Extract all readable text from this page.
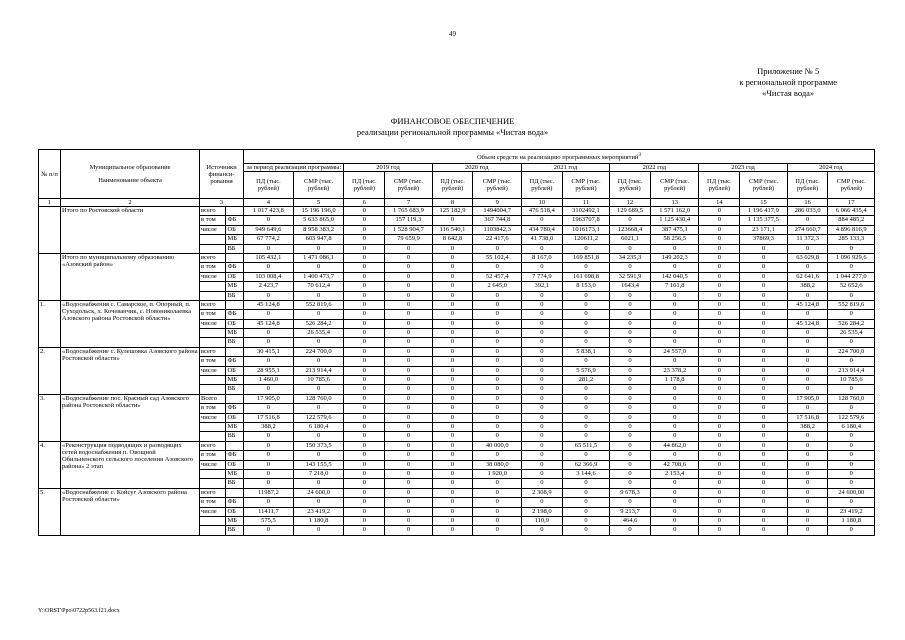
49
Приложение № 5
к региональной программе
«Чистая вода»
ФИНАНСОВОЕ ОБЕСПЕЧЕНИЕ
реализации региональной программы «Чистая вода»
№ п/п	Муниципальное образование
Наименование объекта	Источники финанси-рования		Объем средств на реализацию программных мероприятий$^3$
				за период реализации программы:		2019 год		2020 год		2021 год		2022 год		2023 год		2024 год	
				ПД (тыс. рублей)	СМР (тыс. рублей)	ПД (тыс. рублей)	СМР (тыс. рублей)	ПД (тыс. рублей)	СМР (тыс. рублей)	ПД (тыс. рублей)	СМР (тыс. рублей)	ПД (тыс. рублей)	СМР (тыс. рублей)	ПД (тыс. рублей)	СМР (тыс. рублей)	ПД (тыс. рублей)	СМР (тыс. рублей)
1	2	3		4	5	6	7	8	9	10	11	12	13	14	15	16	17
	Итого по Ростовской области	всего		1 017 423,8	15 196 196,0	0	1 765 683,9	125 182,9	1494004,7	476 518,4	3102492,1	129 689,5	1 571 162,0	0	1 196 417,9	286 033,0	6 066 435,4
		в том	ФБ	0	5 633 865,0	0	157 119,3	0	367 744,8	0	1963707,8	0	1 125 430,4	0	1 135 377,5	0	884 485,2
		числе	ОБ	949 649,6	8 958 383,2	0	1 528 904,7	116 540,1	1103842,3	434 780,4	1016173,1	123668,4	387 475,1	0	23 171,1	274 660,7	4 896 816,9
			МБ	67 774,2	603 947,8	0	79 659,9	8 642,8	22 417,6	41 738,0	120611,2	6021,1	58 256,5	0	37869,3	11 372,3	285 133,3
			ВБ	0	0	0	0	0	0	0	0	0	0	0	0	0	0
	Итого по муниципальному образованию «Азовский район»	всего		105 432,1	1 471 086,1	0	0	0	55 102,4	8 167,0	169 851,8	34 235,3	149 202,3	0	0	63 029,8	1 096 929,6
		в том	ФБ	0	0	0	0	0	0	0	0	0	0	0	0	0	0
		числе	ОБ	103 008,4	1 400 473,7	0	0	0	52 457,4	7 774,9	161 698,8	32 591,9	142 040,5	0	0	62 641,6	1 044 277,0
			МБ	2 423,7	70 612,4	0	0	0	2 645,0	392,1	8 153,0	1643,4	7 161,8	0	0	388,2	52 652,6
			ВБ	0	0	0	0	0	0	0	0	0	0	0	0	0	0
1.	«Водоснабжения с. Самарское, п. Опорный, п. Суходольск, х. Кочеванчик, с. Новониколаевка Азовского района Ростовской области»	всего		45 124,8	552 819,6	0	0	0	0	0	0	0	0	0	0	45 124,8	552 819,6
		в том	ФБ	0	0	0	0	0	0	0	0	0	0	0	0	0	0
		числе	ОБ	45 124,8	526 284,2	0	0	0	0	0	0	0	0	0	0	45 124,8	526 284,2
			МБ	0	26 535,4	0	0	0	0	0	0	0	0	0	0	0	26 535,4
			ВБ	0	0	0	0	0	0	0	0	0	0	0	0	0	0
2.	«Водоснабжение с. Кулешовка Азовского района Ростовской области»	всего		30 415,1	224 700,0	0	0	0	0	0	5 838,1	0	24 557,0	0	0	0	224 700,0
		в том	ФБ	0	0	0	0	0	0	0	0	0	0	0	0	0	0
		числе	ОБ	28 955,1	213 914,4	0	0	0	0	0	5 576,9	0	23 378,2	0	0	0	213 914,4
			МБ	1 460,0	10 785,6	0	0	0	0	0	281,2	0	1 178,8	0	0	0	10 785,6
			ВБ	0	0	0	0	0	0	0	0	0	0	0	0	0	0
3.	«Водоснабжение пос. Красный сад Азовского района Ростовской области»	Всего		17 905,0	128 760,0	0	0	0	0	0	0	0	0	0	0	17 905,0	128 760,0
		в том	ФБ	0	0	0	0	0	0	0	0	0	0	0	0	0	0
		числе	ОБ	17 516,8	122 579,6	0	0	0	0	0	0	0	0	0	0	17 516,8	122 579,6
			МБ	388,2	6 180,4	0	0	0	0	0	0	0	0	0	0	388,2	6 180,4
			ВБ	0	0	0	0	0	0	0	0	0	0	0	0	0	0
4.	«Реконструкция подводящих и разводящих сетей водоснабжения п. Овощной Обильненского сельского поселения Азовского района» 2 этап	всего		0	150 373,5	0	0	0	40 000,0	0	65 511,5	0	44 862,0	0	0	0	0
		в том	ФБ	0	0	0	0	0	0	0	0	0	0	0	0	0	0
		числе	ОБ	0	143 155,5	0	0	0	38 080,0	0	62 366,9	0	42 708,6	0	0	0	0
			МБ	0	7 218,0	0	0	0	1 920,0	0	3 144,6	0	2 153,4	0	0	0	0
			ВБ	0	0	0	0	0	0	0	0	0	0	0	0	0	0
5.	«Водоснабжение с. Койсуг Азовского района Ростовской области»	всего		11987,2	24 600,0	0	0	0	0	2 308,9	0	9 678,3	0	0	0	0	24 600,00
		в том	ФБ	0	0	0	0	0	0	0	0	0	0	0	0	0	0
		числе	ОБ	11411,7	23 419,2	0	0	0	0	2 198,0	0	9 213,7	0	0	0	0	23 419,2
			МБ	575,5	1 180,8	0	0	0	0	110,9	0	464,6	0	0	0	0	1 180,8
			ВБ	0	0	0	0	0	0	0	0	0	0	0	0	0	0
Y:\ORST\Ppo\0722p563.f21.docx
